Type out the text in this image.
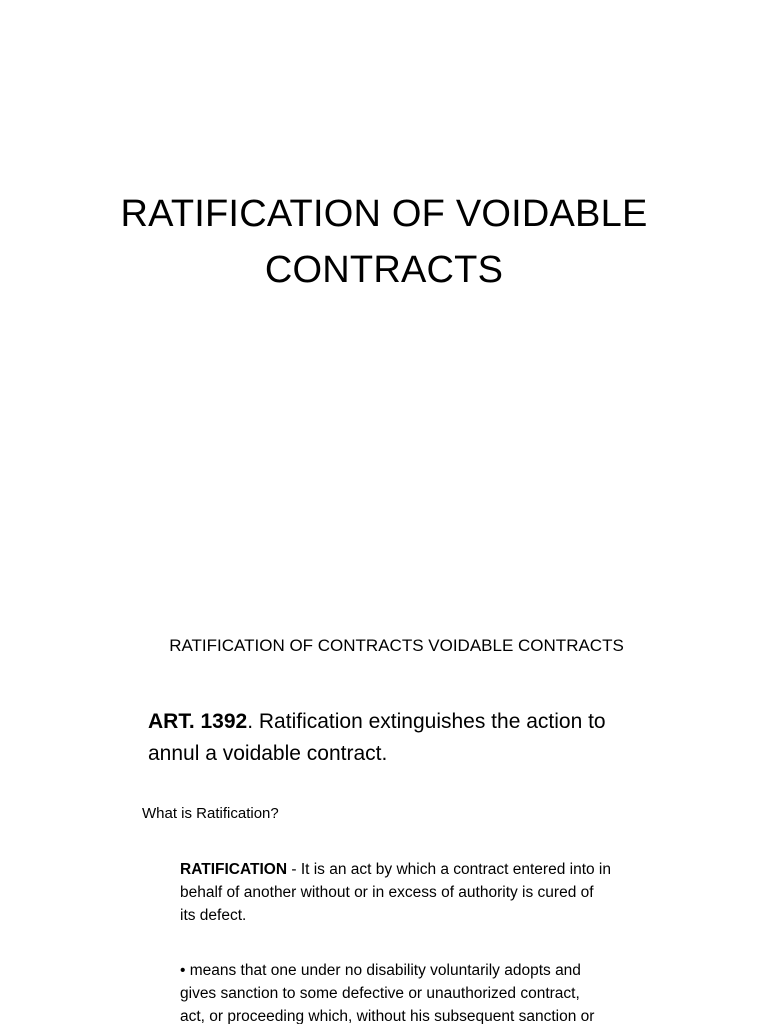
RATIFICATION OF VOIDABLE
CONTRACTS
RATIFICATION OF CONTRACTS VOIDABLE CONTRACTS
ART. 1392. Ratification extinguishes the action to
annul a voidable contract.
What is Ratification?
RATIFICATION - It is an act by which a contract entered into in
behalf of another without or in excess of authority is cured of
its defect.
• means that one under no disability voluntarily adopts and
gives sanction to some defective or unauthorized contract,
act, or proceeding which, without his subsequent sanction or
